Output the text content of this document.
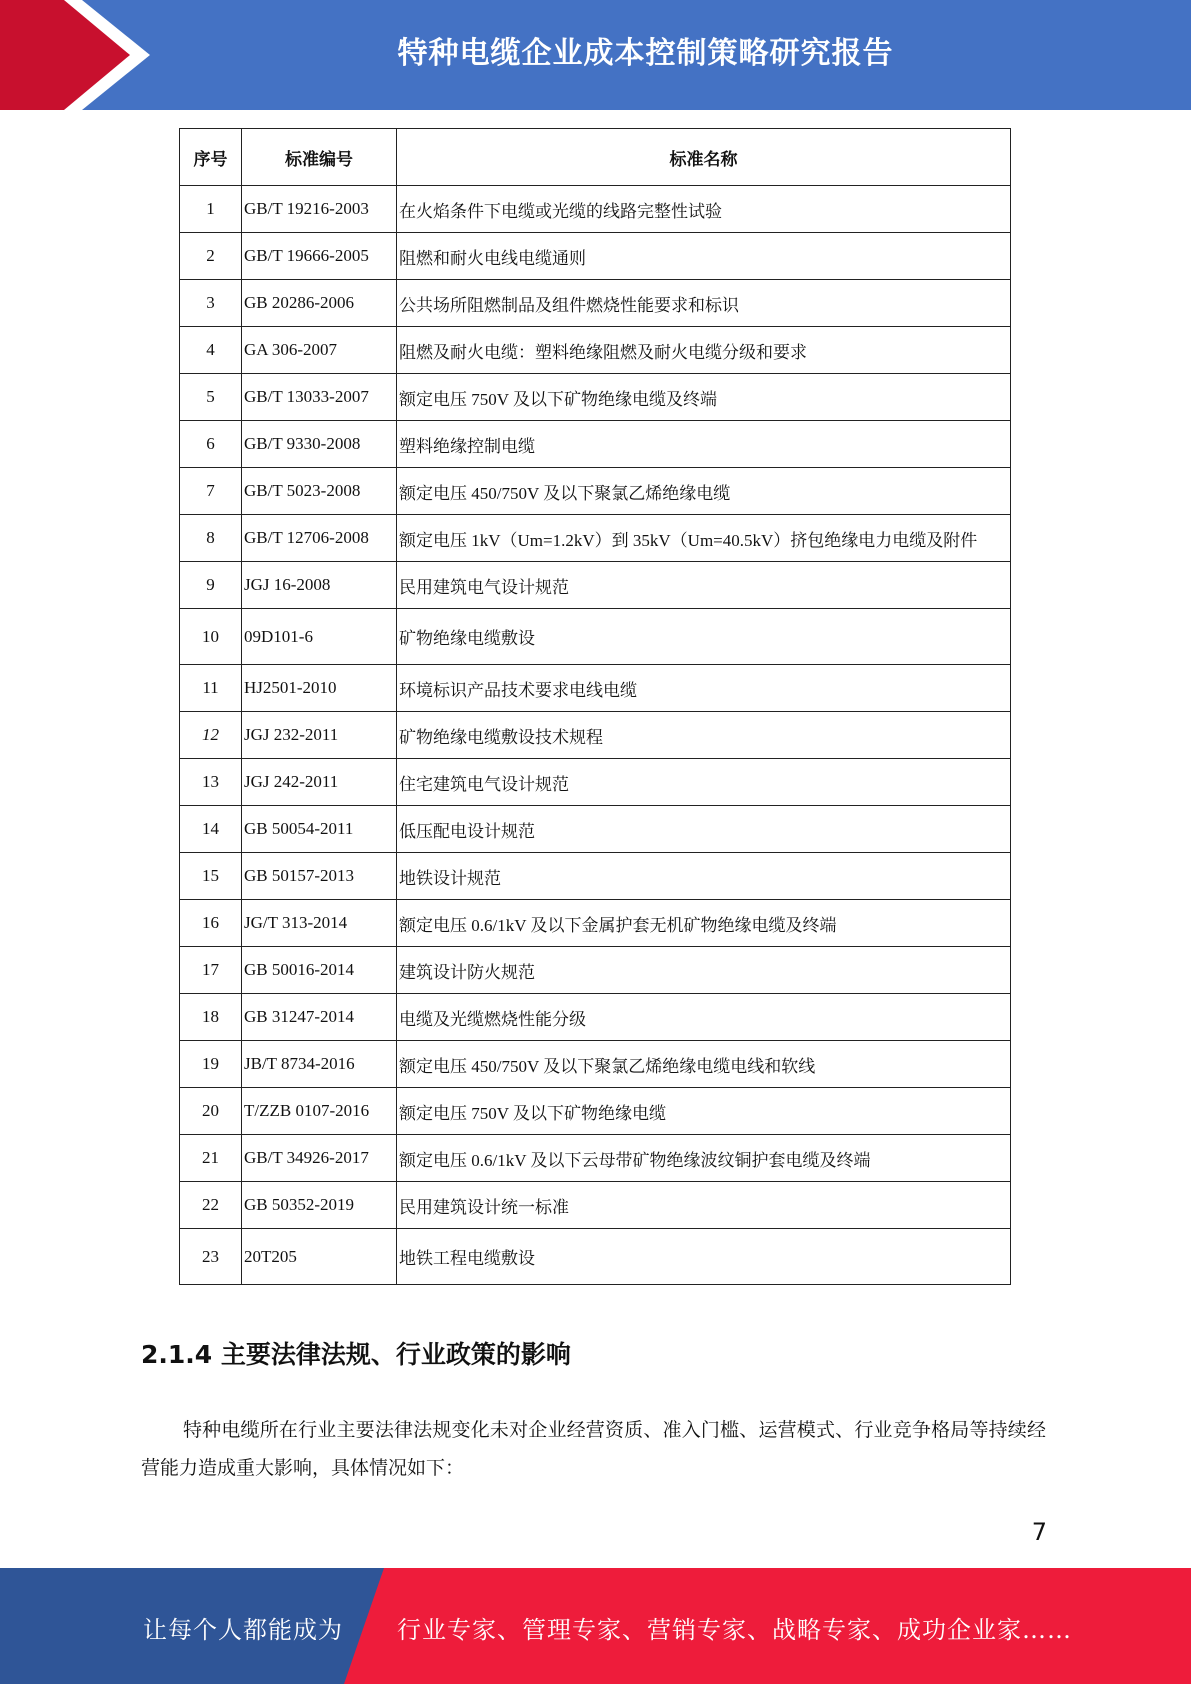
特种电缆企业成本控制策略研究报告
序号	标准编号	标准名称
1	GB/T 19216-2003	在火焰条件下电缆或光缆的线路完整性试验
2	GB/T 19666-2005	阻燃和耐火电线电缆通则
3	GB 20286-2006	公共场所阻燃制品及组件燃烧性能要求和标识
4	GA 306-2007	阻燃及耐火电缆：塑料绝缘阻燃及耐火电缆分级和要求
5	GB/T 13033-2007	额定电压 750V 及以下矿物绝缘电缆及终端
6	GB/T 9330-2008	塑料绝缘控制电缆
7	GB/T 5023-2008	额定电压 450/750V 及以下聚氯乙烯绝缘电缆
8	GB/T 12706-2008	额定电压 1kV（Um=1.2kV）到 35kV（Um=40.5kV）挤包绝缘电力电缆及附件
9	JGJ 16-2008	民用建筑电气设计规范
10	09D101-6	矿物绝缘电缆敷设
11	HJ2501-2010	环境标识产品技术要求电线电缆
12	JGJ 232-2011	矿物绝缘电缆敷设技术规程
13	JGJ 242-2011	住宅建筑电气设计规范
14	GB 50054-2011	低压配电设计规范
15	GB 50157-2013	地铁设计规范
16	JG/T 313-2014	额定电压 0.6/1kV 及以下金属护套无机矿物绝缘电缆及终端
17	GB 50016-2014	建筑设计防火规范
18	GB 31247-2014	电缆及光缆燃烧性能分级
19	JB/T 8734-2016	额定电压 450/750V 及以下聚氯乙烯绝缘电缆电线和软线
20	T/ZZB 0107-2016	额定电压 750V 及以下矿物绝缘电缆
21	GB/T 34926-2017	额定电压 0.6/1kV 及以下云母带矿物绝缘波纹铜护套电缆及终端
22	GB 50352-2019	民用建筑设计统一标准
23	20T205	地铁工程电缆敷设
2.1.4 主要法律法规、行业政策的影响

特种电缆所在行业主要法律法规变化未对企业经营资质、准入门槛、运营模式、行业竞争格局等持续经营能力造成重大影响，具体情况如下：

7
让每个人都能成为 行业专家、管理专家、营销专家、战略专家、成功企业家……
